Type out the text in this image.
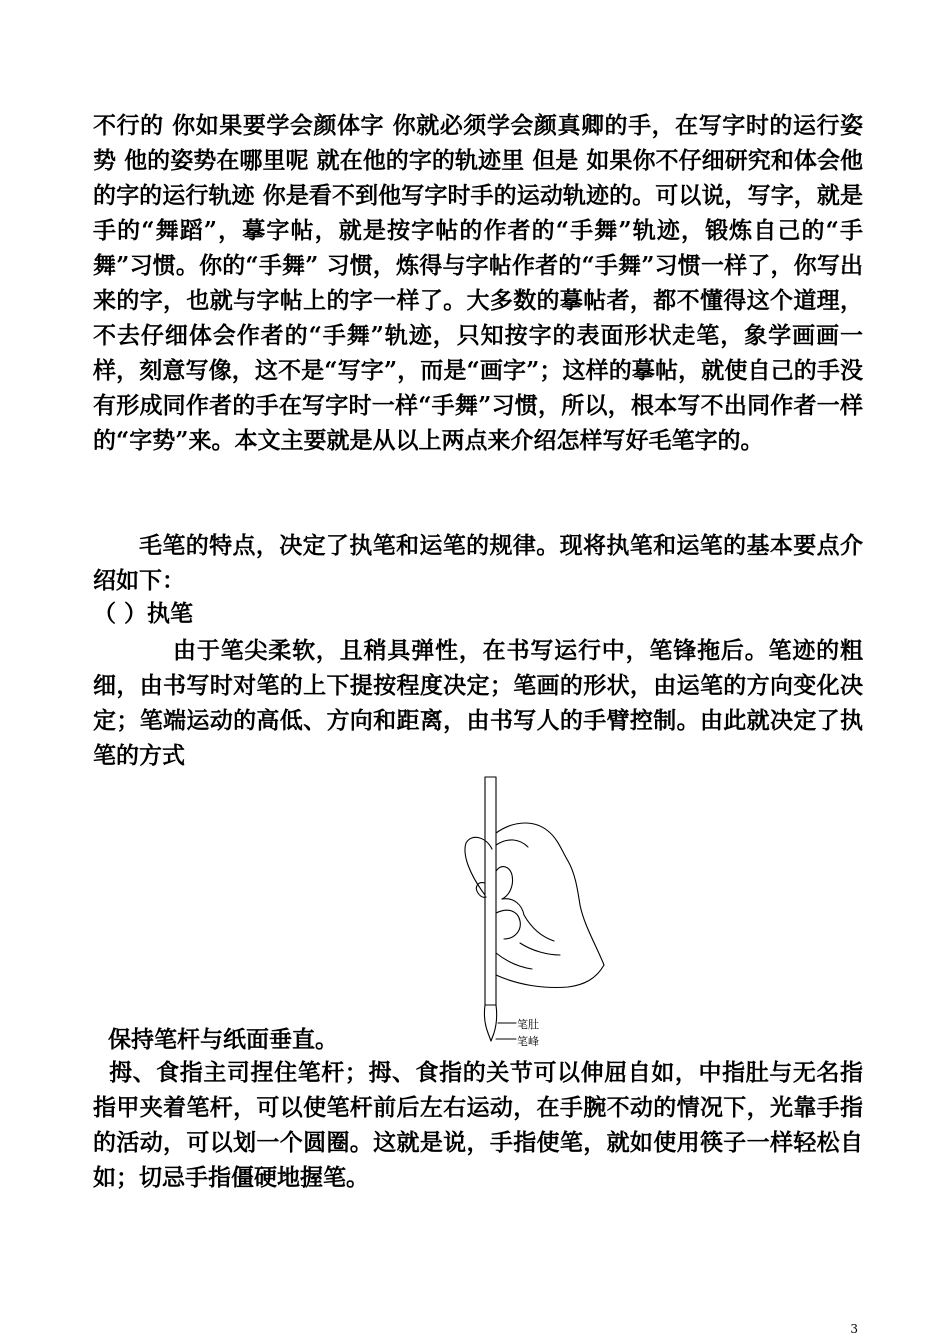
不行的 你如果要学会颜体字 你就必须学会颜真卿的手，在写字时的运行姿势 他的姿势在哪里呢 就在他的字的轨迹里 但是 如果你不仔细研究和体会他的字的运行轨迹 你是看不到他写字时手的运动轨迹的。可以说，写字，就是手的“舞蹈”，摹字帖，就是按字帖的作者的“手舞”轨迹，锻炼自己的“手舞”习惯。你的“手舞” 习惯，炼得与字帖作者的“手舞”习惯一样了，你写出来的字，也就与字帖上的字一样了。大多数的摹帖者，都不懂得这个道理，不去仔细体会作者的“手舞”轨迹，只知按字的表面形状走笔，象学画画一样，刻意写像，这不是“写字”，而是“画字”；这样的摹帖，就使自己的手没有形成同作者的手在写字时一样“手舞”习惯，所以，根本写不出同作者一样的“字势”来。本文主要就是从以上两点来介绍怎样写好毛笔字的。

毛笔的特点，决定了执笔和运笔的规律。现将执笔和运笔的基本要点介绍如下：

（ ）执笔

由于笔尖柔软，且稍具弹性，在书写运行中，笔锋拖后。笔迹的粗细，由书写时对笔的上下提按程度决定；笔画的形状，由运笔的方向变化决定；笔端运动的高低、方向和距离，由书写人的手臂控制。由此就决定了执笔的方式

笔肚
笔峰

保持笔杆与纸面垂直。

拇、食指主司捏住笔杆；拇、食指的关节可以伸屈自如，中指肚与无名指指甲夹着笔杆，可以使笔杆前后左右运动，在手腕不动的情况下，光靠手指的活动，可以划一个圆圈。这就是说，手指使笔，就如使用筷子一样轻松自如；切忌手指僵硬地握笔。

3
